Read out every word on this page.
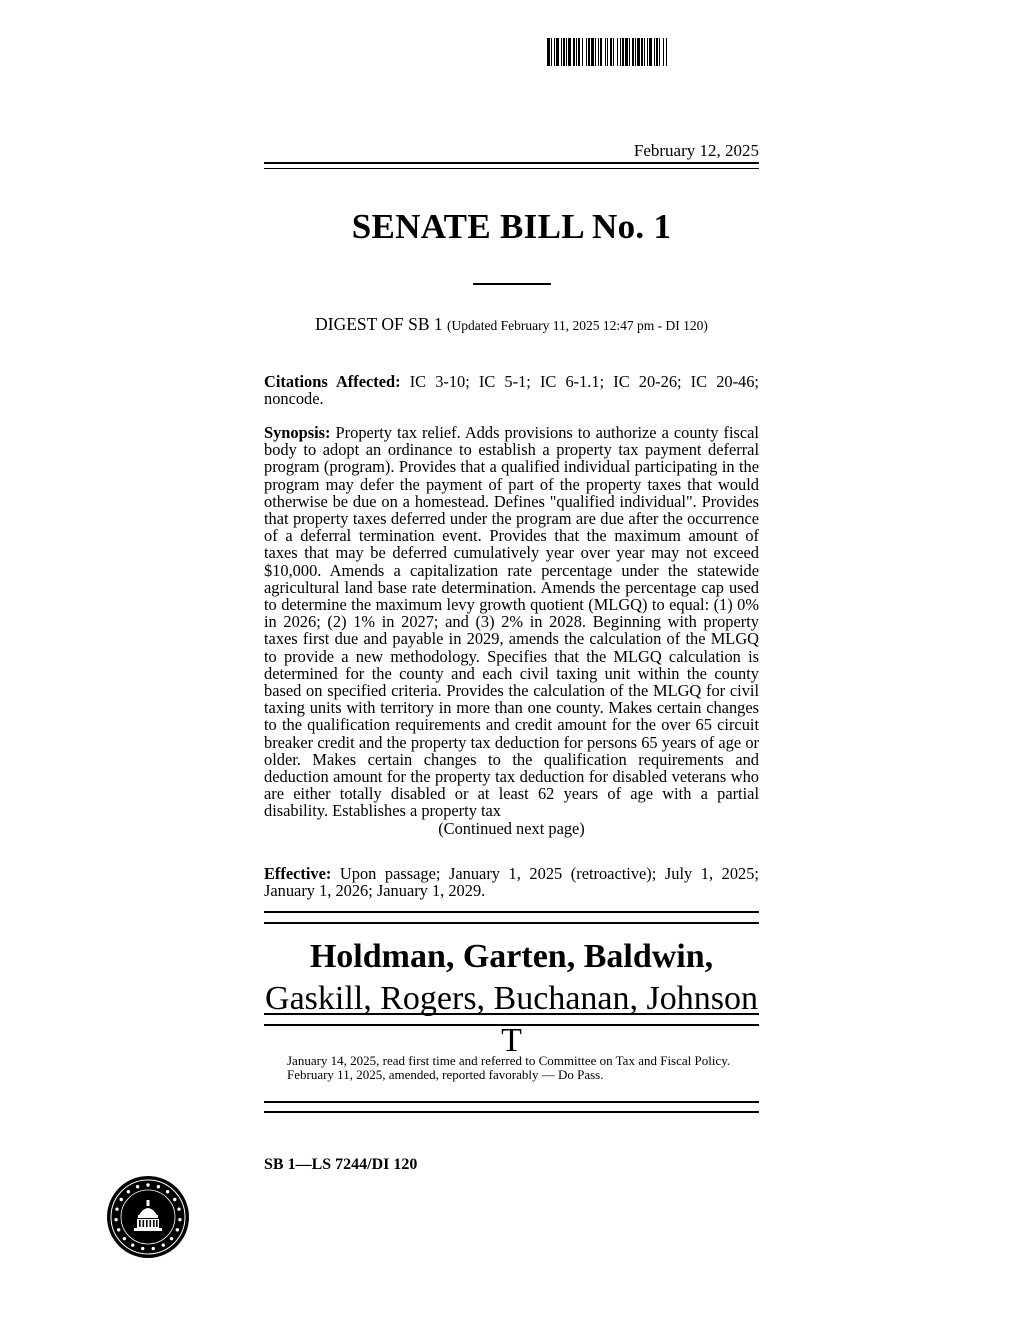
February 12, 2025
SENATE BILL No. 1
DIGEST OF SB 1 (Updated February 11, 2025 12:47 pm - DI 120)
Citations Affected: IC 3-10; IC 5-1; IC 6-1.1; IC 20-26; IC 20-46; noncode.
Synopsis: Property tax relief. Adds provisions to authorize a county fiscal body to adopt an ordinance to establish a property tax payment deferral program (program). Provides that a qualified individual participating in the program may defer the payment of part of the property taxes that would otherwise be due on a homestead. Defines "qualified individual". Provides that property taxes deferred under the program are due after the occurrence of a deferral termination event. Provides that the maximum amount of taxes that may be deferred cumulatively year over year may not exceed $10,000. Amends a capitalization rate percentage under the statewide agricultural land base rate determination. Amends the percentage cap used to determine the maximum levy growth quotient (MLGQ) to equal: (1) 0% in 2026; (2) 1% in 2027; and (3) 2% in 2028. Beginning with property taxes first due and payable in 2029, amends the calculation of the MLGQ to provide a new methodology. Specifies that the MLGQ calculation is determined for the county and each civil taxing unit within the county based on specified criteria. Provides the calculation of the MLGQ for civil taxing units with territory in more than one county. Makes certain changes to the qualification requirements and credit amount for the over 65 circuit breaker credit and the property tax deduction for persons 65 years of age or older. Makes certain changes to the qualification requirements and deduction amount for the property tax deduction for disabled veterans who are either totally disabled or at least 62 years of age with a partial disability. Establishes a property tax
(Continued next page)
Effective: Upon passage; January 1, 2025 (retroactive); July 1, 2025; January 1, 2026; January 1, 2029.
Holdman, Garten, Baldwin, Gaskill, Rogers, Buchanan, Johnson T
January 14, 2025, read first time and referred to Committee on Tax and Fiscal Policy.
February 11, 2025, amended, reported favorably — Do Pass.
SB 1—LS 7244/DI 120
